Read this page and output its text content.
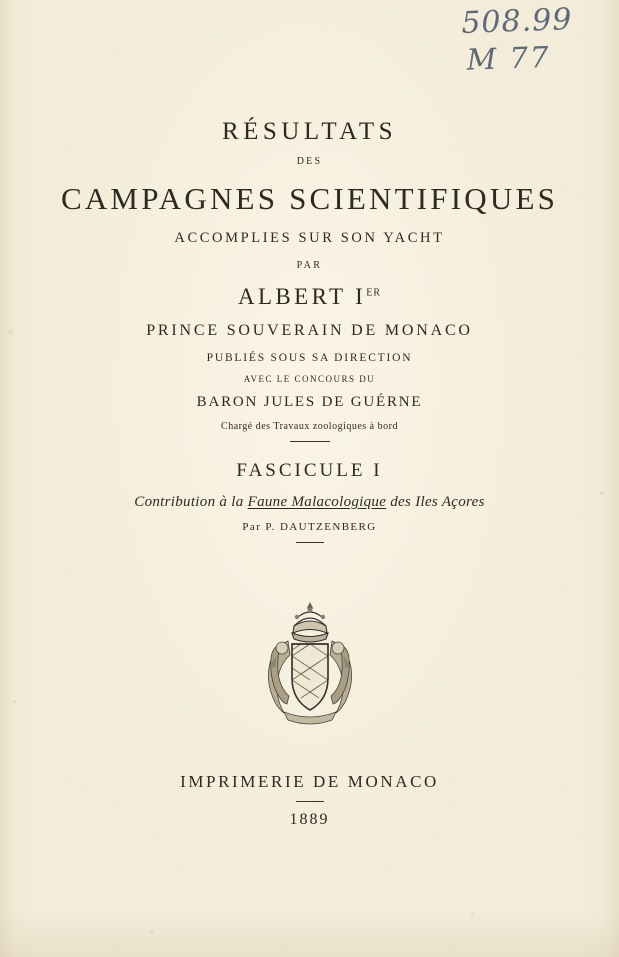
508.99
M 77
RÉSULTATS
DES
CAMPAGNES SCIENTIFIQUES
ACCOMPLIES SUR SON YACHT
PAR
ALBERT IER
PRINCE SOUVERAIN DE MONACO
PUBLIÉS SOUS SA DIRECTION
AVEC LE CONCOURS DU
BARON JULES DE GUÉRNE
Chargé des Travaux zoologiques à bord
FASCICULE I
Contribution à la Faune Malacologique des Iles Açores
Par P. DAUTZENBERG
IMPRIMERIE DE MONACO
1889
